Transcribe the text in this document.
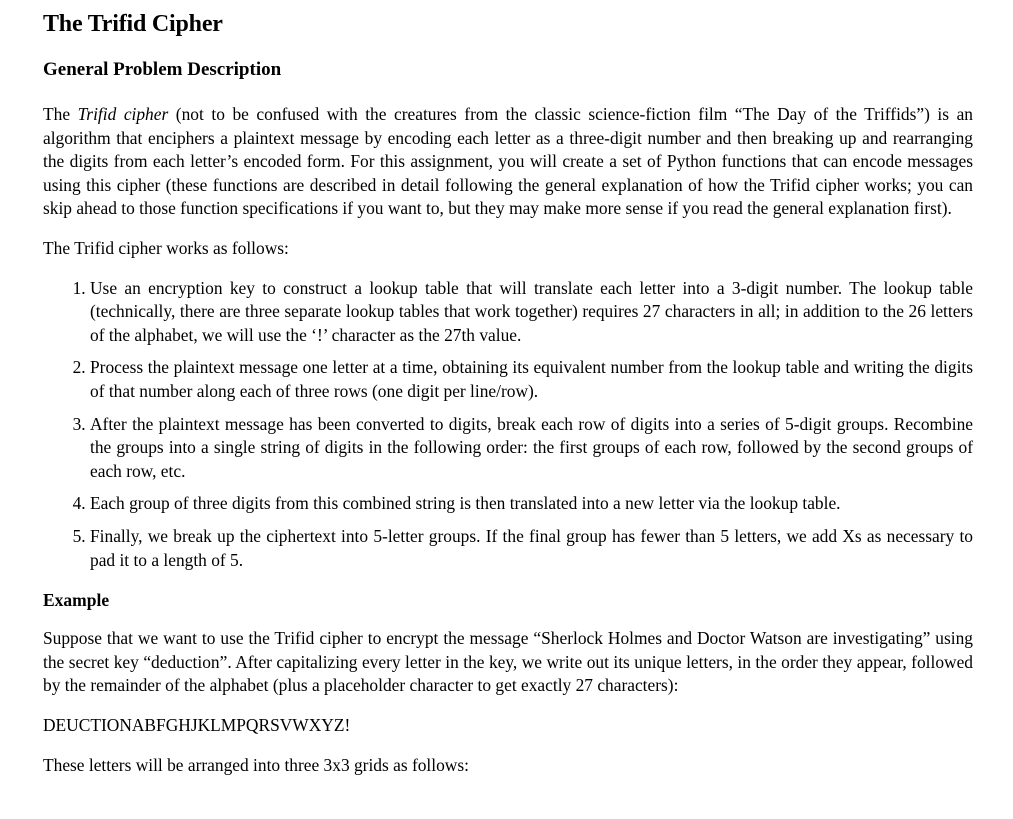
The Trifid Cipher
General Problem Description

The Trifid cipher (not to be confused with the creatures from the classic science-fiction film “The Day of the Triffids”) is an algorithm that enciphers a plaintext message by encoding each letter as a three-digit number and then breaking up and rearranging the digits from each letter’s encoded form. For this assignment, you will create a set of Python functions that can encode messages using this cipher (these functions are described in detail following the general explanation of how the Trifid cipher works; you can skip ahead to those function specifications if you want to, but they may make more sense if you read the general explanation first).

The Trifid cipher works as follows:

1. Use an encryption key to construct a lookup table that will translate each letter into a 3-digit number. The lookup table (technically, there are three separate lookup tables that work together) requires 27 characters in all; in addition to the 26 letters of the alphabet, we will use the ‘!’ character as the 27th value.
2. Process the plaintext message one letter at a time, obtaining its equivalent number from the lookup table and writing the digits of that number along each of three rows (one digit per line/row).
3. After the plaintext message has been converted to digits, break each row of digits into a series of 5-digit groups. Recombine the groups into a single string of digits in the following order: the first groups of each row, followed by the second groups of each row, etc.
4. Each group of three digits from this combined string is then translated into a new letter via the lookup table.
5. Finally, we break up the ciphertext into 5-letter groups. If the final group has fewer than 5 letters, we add Xs as necessary to pad it to a length of 5.
Example

Suppose that we want to use the Trifid cipher to encrypt the message “Sherlock Holmes and Doctor Watson are investigating” using the secret key “deduction”. After capitalizing every letter in the key, we write out its unique letters, in the order they appear, followed by the remainder of the alphabet (plus a placeholder character to get exactly 27 characters):

DEUCTIONABFGHJKLMPQRSVWXYZ!

These letters will be arranged into three 3x3 grids as follows:
